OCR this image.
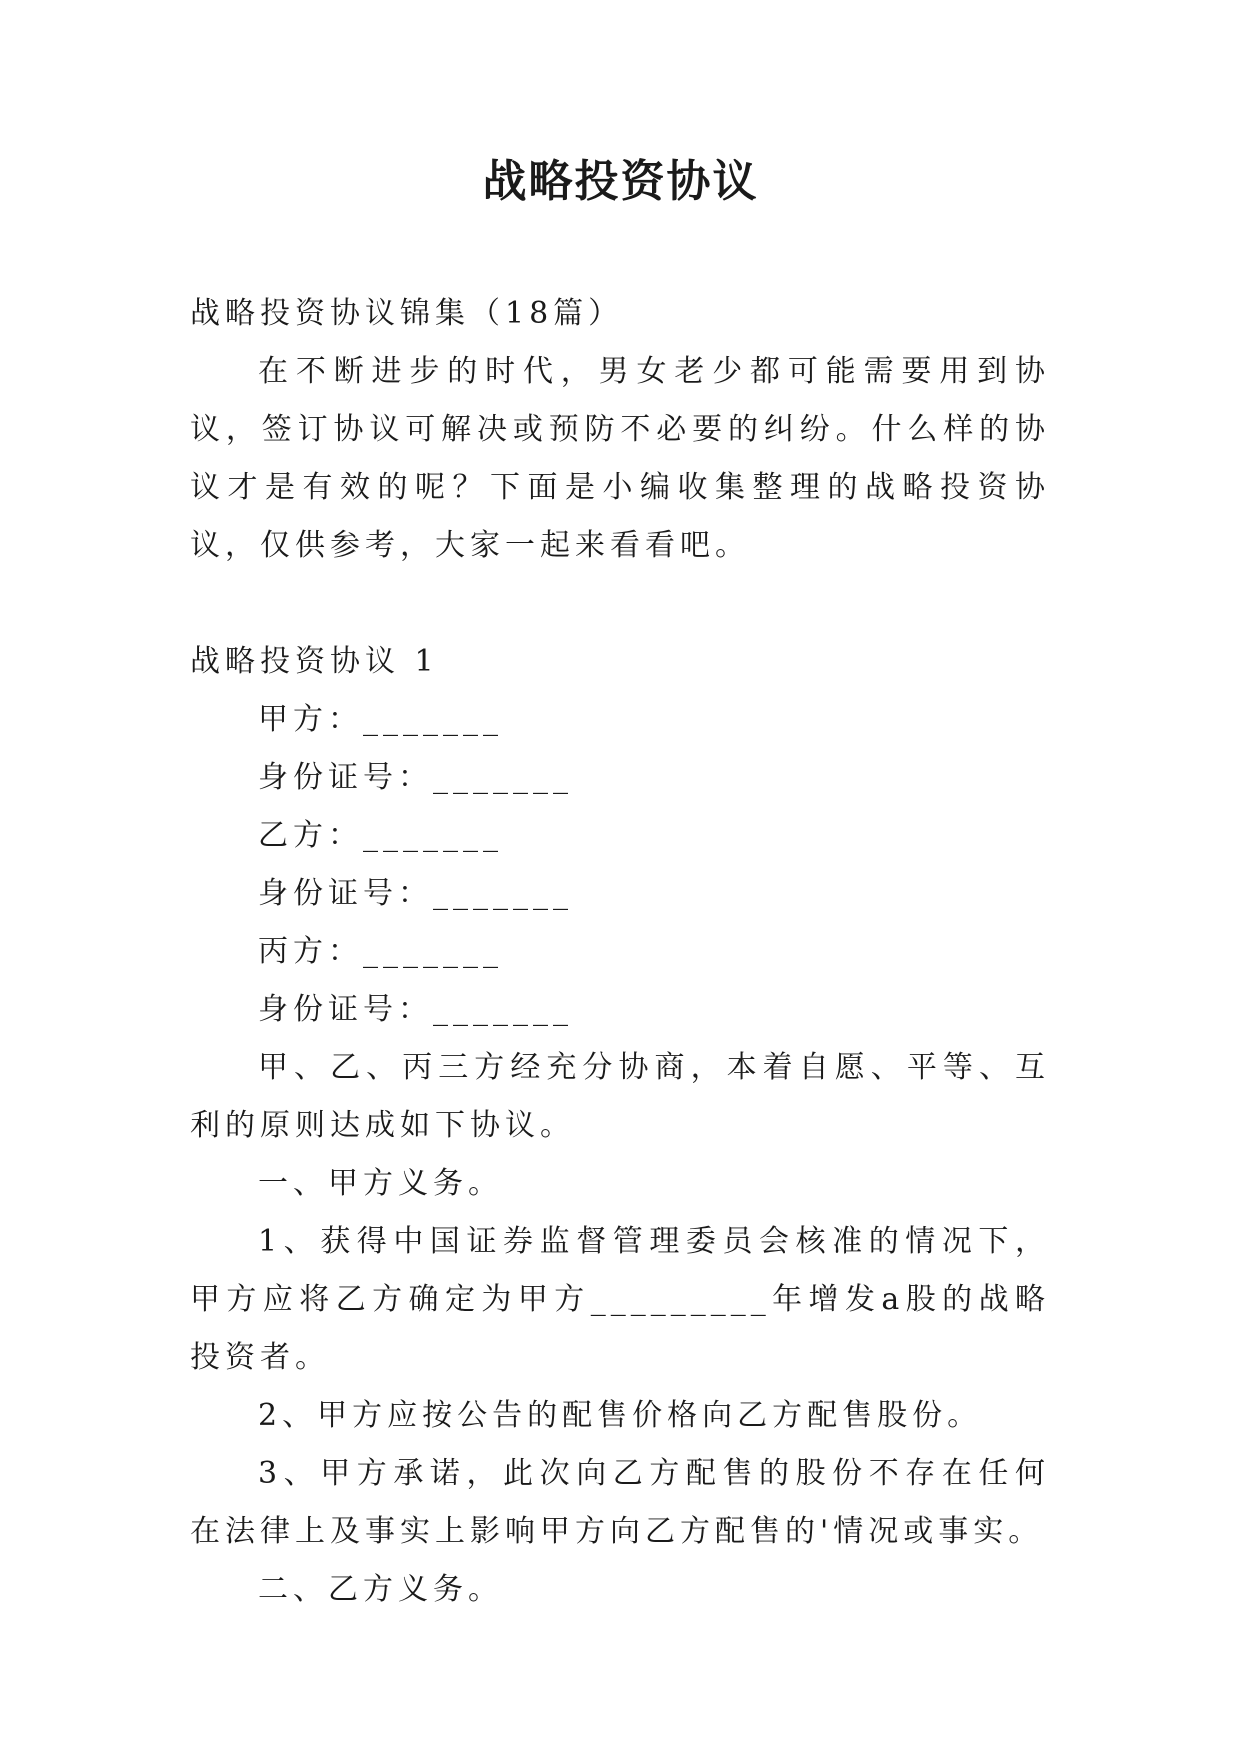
战略投资协议

战略投资协议锦集（18篇）

在不断进步的时代，男女老少都可能需要用到协议，签订协议可解决或预防不必要的纠纷。什么样的协议才是有效的呢？下面是小编收集整理的战略投资协议，仅供参考，大家一起来看看吧。

战略投资协议 1

甲方：_______

身份证号：_______

乙方：_______

身份证号：_______

丙方：_______

身份证号：_______

甲、乙、丙三方经充分协商，本着自愿、平等、互利的原则达成如下协议。

一、甲方义务。

1、获得中国证券监督管理委员会核准的情况下，甲方应将乙方确定为甲方_________年增发a股的战略投资者。

2、甲方应按公告的配售价格向乙方配售股份。

3、甲方承诺，此次向乙方配售的股份不存在任何在法律上及事实上影响甲方向乙方配售的'情况或事实。

二、乙方义务。
